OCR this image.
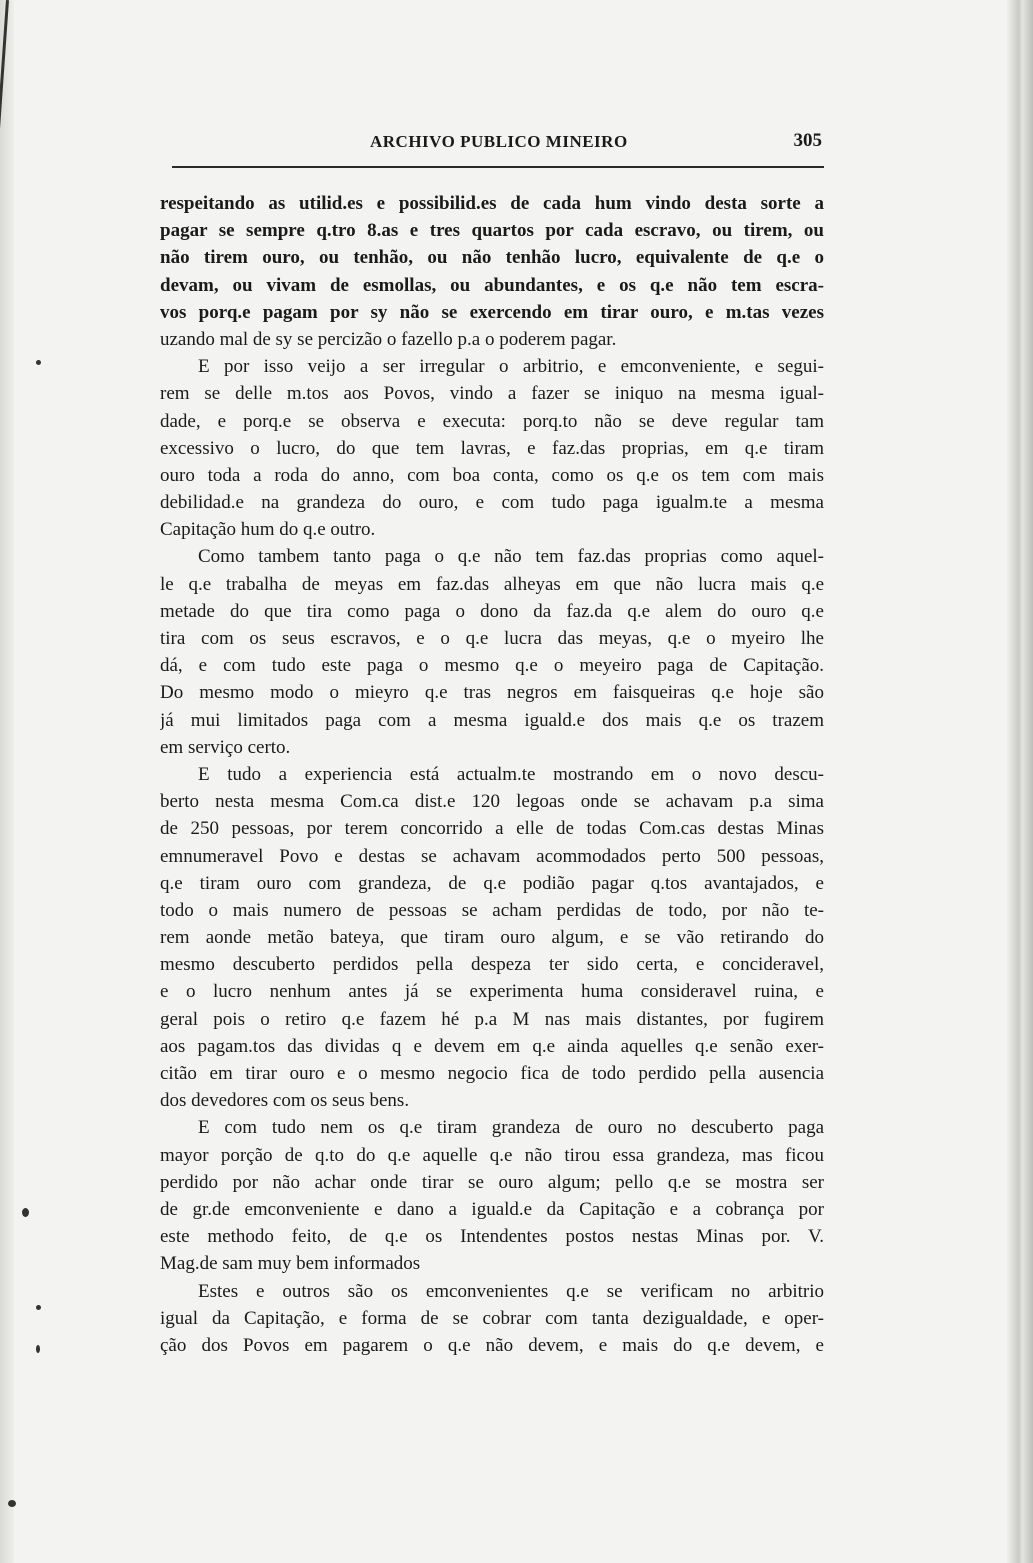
ARCHIVO PUBLICO MINEIRO	305
respeitando as utilid.es e possibilid.es de cada hum vindo desta sorte a
pagar se sempre q.tro 8.as e tres quartos por cada escravo, ou tirem, ou
não tirem ouro, ou tenhão, ou não tenhão lucro, equivalente de q.e o
devam, ou vivam de esmollas, ou abundantes, e os q.e não tem escra-
vos porq.e pagam por sy não se exercendo em tirar ouro, e m.tas vezes
uzando mal de sy se percizão o fazello p.a o poderem pagar.
E por isso veijo a ser irregular o arbitrio, e emconveniente, e segui-
rem se delle m.tos aos Povos, vindo a fazer se iniquo na mesma igual-
dade, e porq.e se observa e executa: porq.to não se deve regular tam
excessivo o lucro, do que tem lavras, e faz.das proprias, em q.e tiram
ouro toda a roda do anno, com boa conta, como os q.e os tem com mais
debilidad.e na grandeza do ouro, e com tudo paga igualm.te a mesma
Capitação hum do q.e outro.
Como tambem tanto paga o q.e não tem faz.das proprias como aquel-
le q.e trabalha de meyas em faz.das alheyas em que não lucra mais q.e
metade do que tira como paga o dono da faz.da q.e alem do ouro q.e
tira com os seus escravos, e o q.e lucra das meyas, q.e o myeiro lhe
dá, e com tudo este paga o mesmo q.e o meyeiro paga de Capitação.
Do mesmo modo o mieyro q.e tras negros em faisqueiras q.e hoje são
já mui limitados paga com a mesma iguald.e dos mais q.e os trazem
em serviço certo.
E tudo a experiencia está actualm.te mostrando em o novo descu-
berto nesta mesma Com.ca dist.e 120 legoas onde se achavam p.a sima
de 250 pessoas, por terem concorrido a elle de todas Com.cas destas Minas
emnumeravel Povo e destas se achavam acommodados perto 500 pessoas,
q.e tiram ouro com grandeza, de q.e podião pagar q.tos avantajados, e
todo o mais numero de pessoas se acham perdidas de todo, por não te-
rem aonde metão bateya, que tiram ouro algum, e se vão retirando do
mesmo descuberto perdidos pella despeza ter sido certa, e concideravel,
e o lucro nenhum antes já se experimenta huma consideravel ruina, e
geral pois o retiro q.e fazem hé p.a M nas mais distantes, por fugirem
aos pagam.tos das dividas q e devem em q.e ainda aquelles q.e senão exer-
citão em tirar ouro e o mesmo negocio fica de todo perdido pella ausencia
dos devedores com os seus bens.
E com tudo nem os q.e tiram grandeza de ouro no descuberto paga
mayor porção de q.to do q.e aquelle q.e não tirou essa grandeza, mas ficou
perdido por não achar onde tirar se ouro algum; pello q.e se mostra ser
de gr.de emconveniente e dano a iguald.e da Capitação e a cobrança por
este methodo feito, de q.e os Intendentes postos nestas Minas por. V.
Mag.de sam muy bem informados
Estes e outros são os emconvenientes q.e se verificam no arbitrio
igual da Capitação, e forma de se cobrar com tanta dezigualdade, e oper-
ção dos Povos em pagarem o q.e não devem, e mais do q.e devem, e
